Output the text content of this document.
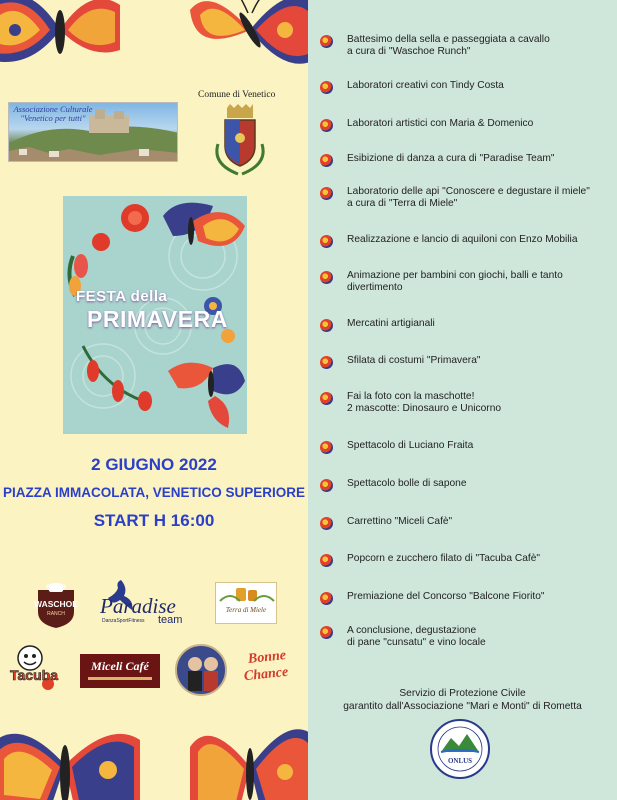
Associazione Culturale
"Venetico per tutti"
Comune di Venetico
FESTA della
PRIMAVERA
2 GIUGNO 2022
PIAZZA IMMACOLATA, VENETICO SUPERIORE
START H 16:00
WASCHOE
RANCH	Paradise
team
DanzaSportFitness
Terra di Miele
Tacuba
Miceli Café	Bonne
Chance
Battesimo della sella e passeggiata a cavallo
a cura di "Waschoe Runch"
Laboratori creativi con Tindy Costa
Laboratori artistici con Maria & Domenico
Esibizione di danza a cura di "Paradise Team"
Laboratorio delle api "Conoscere e degustare il miele"
a cura di "Terra di Miele"
Realizzazione e lancio di aquiloni con Enzo Mobilia
Animazione per bambini con giochi, balli e tanto
divertimento
Mercatini artigianali
Sfilata di costumi "Primavera"
Fai la foto con la maschotte!
2 mascotte: Dinosauro e Unicorno
Spettacolo di Luciano Fraita
Spettacolo bolle di sapone
Carrettino "Miceli Cafè"
Popcorn e zucchero filato di "Tacuba Cafè"
Premiazione del Concorso "Balcone Fiorito"
A conclusione, degustazione
di pane "cunsatu" e vino locale
Servizio di Protezione Civile
garantito dall'Associazione "Mari e Monti" di Rometta
ONLUS
